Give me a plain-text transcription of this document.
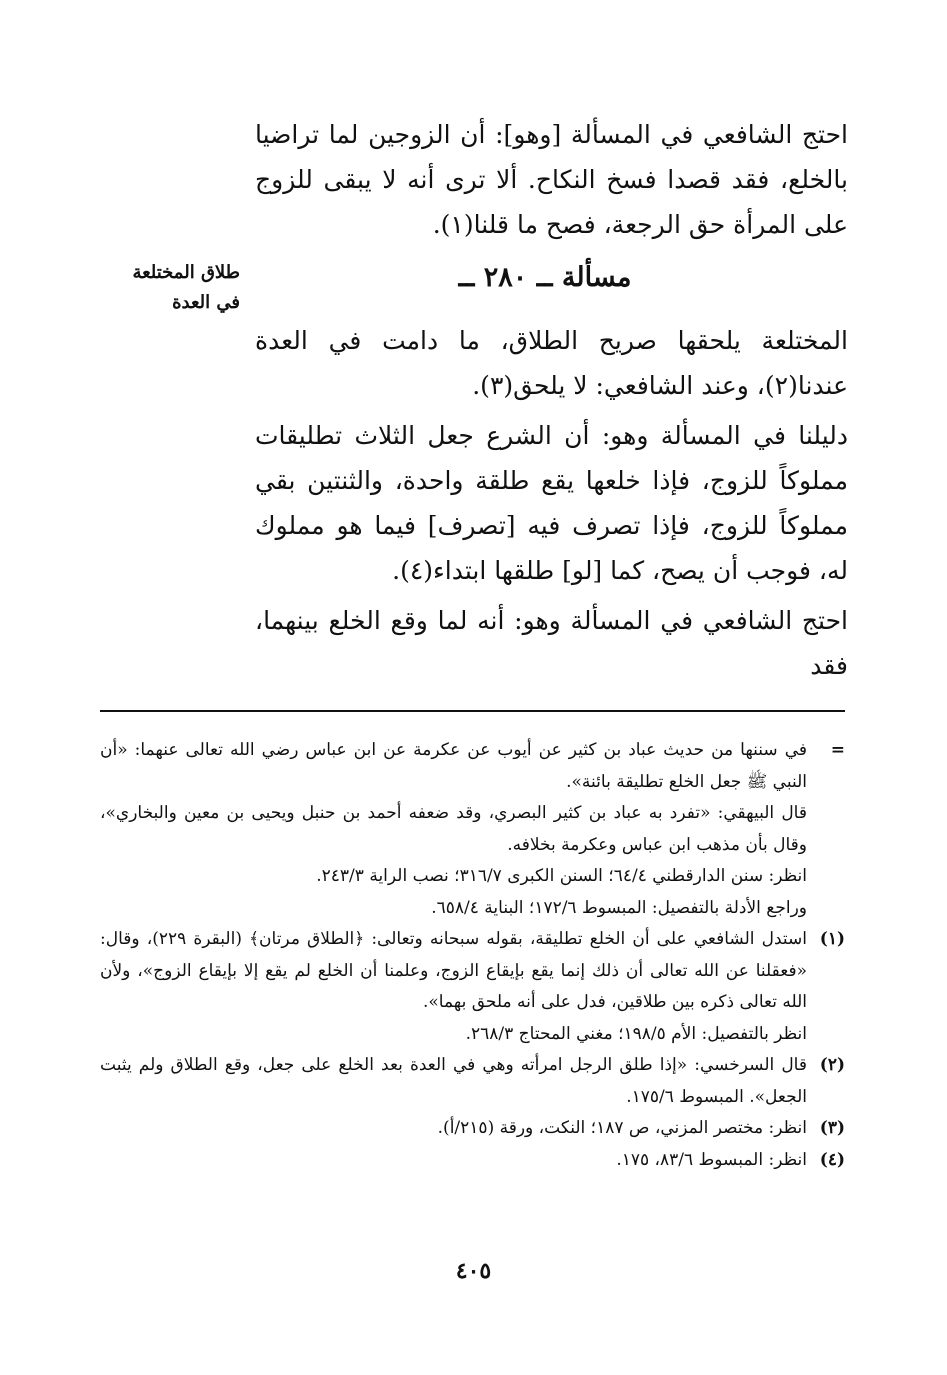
احتج الشافعي في المسألة [وهو]: أن الزوجين لما تراضيا بالخلع، فقد قصدا فسخ النكاح. ألا ترى أنه لا يبقى للزوج على المرأة حق الرجعة، فصح ما قلنا(١).
مسألة ــ ٢٨٠ ــ
طلاق المختلعة في العدة
المختلعة يلحقها صريح الطلاق، ما دامت في العدة عندنا(٢)، وعند الشافعي: لا يلحق(٣).
دليلنا في المسألة وهو: أن الشرع جعل الثلاث تطليقات مملوكاً للزوج، فإذا خلعها يقع طلقة واحدة، والثنتين بقي مملوكاً للزوج، فإذا تصرف فيه [تصرف] فيما هو مملوك له، فوجب أن يصح، كما [لو] طلقها ابتداء(٤).
احتج الشافعي في المسألة وهو: أنه لما وقع الخلع بينهما، فقد
=
في سننها من حديث عباد بن كثير عن أيوب عن عكرمة عن ابن عباس رضي الله تعالى عنهما: «أن النبي ﷺ جعل الخلع تطليقة بائنة».
قال البيهقي: «تفرد به عباد بن كثير البصري، وقد ضعفه أحمد بن حنبل ويحيى بن معين والبخاري»، وقال بأن مذهب ابن عباس وعكرمة بخلافه.
انظر: سنن الدارقطني ٦٤/٤؛ السنن الكبرى ٣١٦/٧؛ نصب الراية ٢٤٣/٣.
وراجع الأدلة بالتفصيل: المبسوط ١٧٢/٦؛ البناية ٦٥٨/٤.
(١)
استدل الشافعي على أن الخلع تطليقة، بقوله سبحانه وتعالى: ﴿الطلاق مرتان﴾ (البقرة ٢٢٩)، وقال: «فعقلنا عن الله تعالى أن ذلك إنما يقع بإيقاع الزوج، وعلمنا أن الخلع لم يقع إلا بإيقاع الزوج»، ولأن الله تعالى ذكره بين طلاقين، فدل على أنه ملحق بهما».
انظر بالتفصيل: الأم ١٩٨/٥؛ مغني المحتاج ٢٦٨/٣.
(٢)
قال السرخسي: «إذا طلق الرجل امرأته وهي في العدة بعد الخلع على جعل، وقع الطلاق ولم يثبت الجعل». المبسوط ١٧٥/٦.
(٣)
انظر: مختصر المزني، ص ١٨٧؛ النكت، ورقة (٢١٥/أ).
(٤)
انظر: المبسوط ٨٣/٦، ١٧٥.
٤٠٥
